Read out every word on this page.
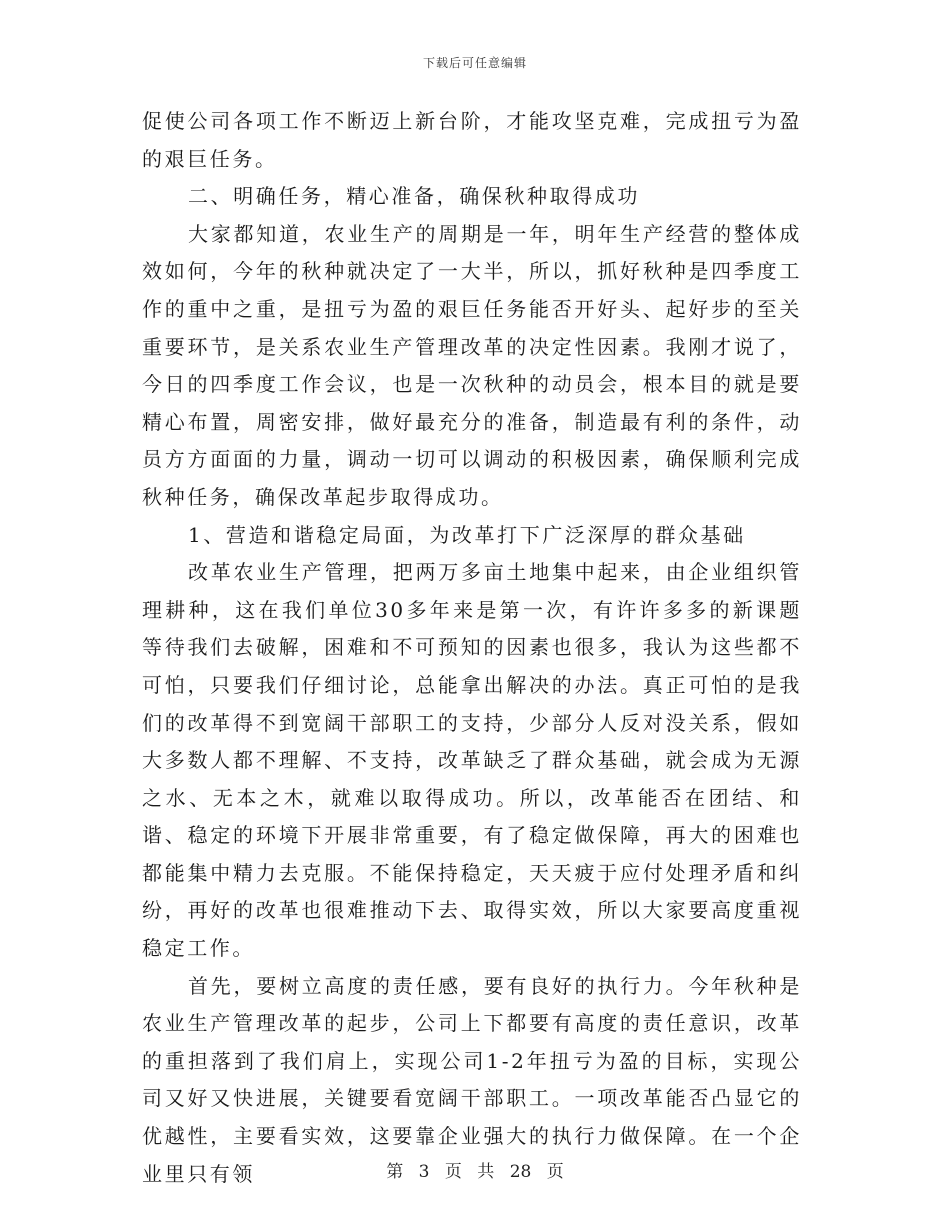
下载后可任意编辑

促使公司各项工作不断迈上新台阶，才能攻坚克难，完成扭亏为盈的艰巨任务。

二、明确任务，精心准备，确保秋种取得成功

大家都知道，农业生产的周期是一年，明年生产经营的整体成效如何，今年的秋种就决定了一大半，所以，抓好秋种是四季度工作的重中之重，是扭亏为盈的艰巨任务能否开好头、起好步的至关重要环节，是关系农业生产管理改革的决定性因素。我刚才说了，今日的四季度工作会议，也是一次秋种的动员会，根本目的就是要精心布置，周密安排，做好最充分的准备，制造最有利的条件，动员方方面面的力量，调动一切可以调动的积极因素，确保顺利完成秋种任务，确保改革起步取得成功。

1、营造和谐稳定局面，为改革打下广泛深厚的群众基础

改革农业生产管理，把两万多亩土地集中起来，由企业组织管理耕种，这在我们单位30多年来是第一次，有许许多多的新课题等待我们去破解，困难和不可预知的因素也很多，我认为这些都不可怕，只要我们仔细讨论，总能拿出解决的办法。真正可怕的是我们的改革得不到宽阔干部职工的支持，少部分人反对没关系，假如大多数人都不理解、不支持，改革缺乏了群众基础，就会成为无源之水、无本之木，就难以取得成功。所以，改革能否在团结、和谐、稳定的环境下开展非常重要，有了稳定做保障，再大的困难也都能集中精力去克服。不能保持稳定，天天疲于应付处理矛盾和纠纷，再好的改革也很难推动下去、取得实效，所以大家要高度重视稳定工作。

首先，要树立高度的责任感，要有良好的执行力。今年秋种是农业生产管理改革的起步，公司上下都要有高度的责任意识，改革的重担落到了我们肩上，实现公司1-2年扭亏为盈的目标，实现公司又好又快进展，关键要看宽阔干部职工。一项改革能否凸显它的优越性，主要看实效，这要靠企业强大的执行力做保障。在一个企业里只有领	第 3 页 共 28 页
